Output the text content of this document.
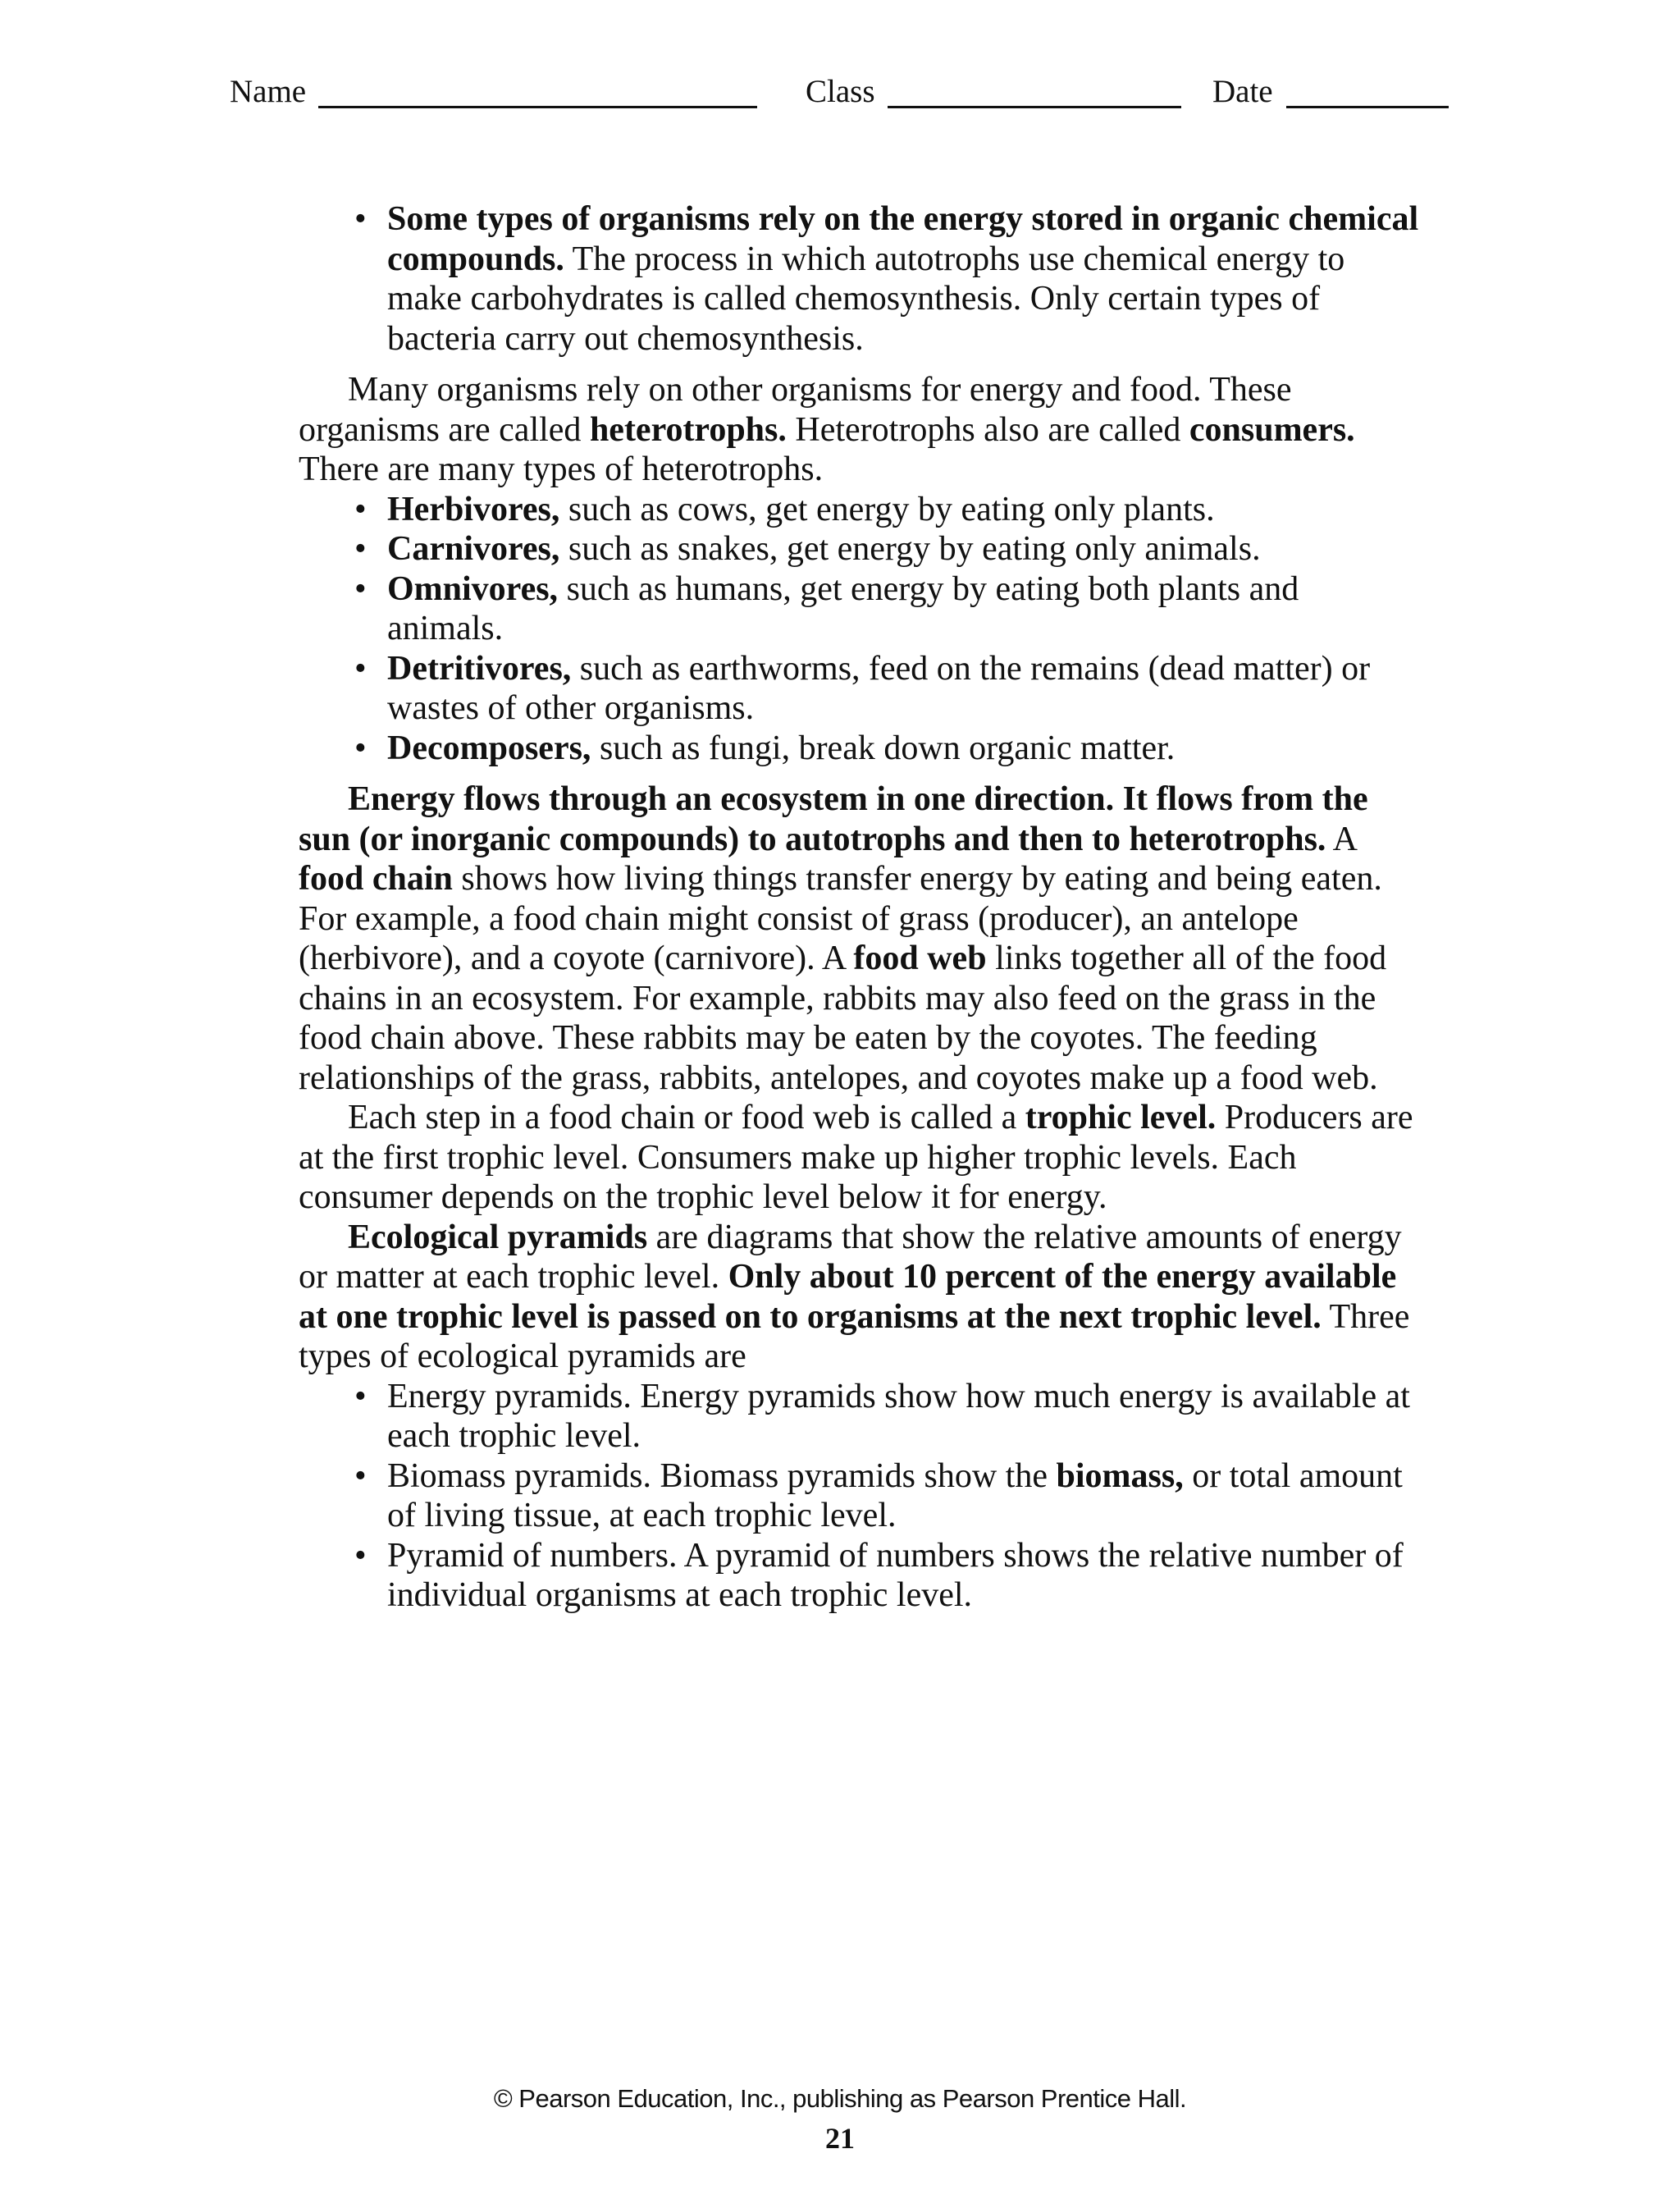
Name	Class	Date
• Some types of organisms rely on the energy stored in organic chemical compounds. The process in which autotrophs use chemical energy to make carbohydrates is called chemosynthesis. Only certain types of bacteria carry out chemosynthesis.

Many organisms rely on other organisms for energy and food. These organisms are called heterotrophs. Heterotrophs also are called consumers. There are many types of heterotrophs.

• Herbivores, such as cows, get energy by eating only plants.
• Carnivores, such as snakes, get energy by eating only animals.
• Omnivores, such as humans, get energy by eating both plants and animals.
• Detritivores, such as earthworms, feed on the remains (dead matter) or wastes of other organisms.
• Decomposers, such as fungi, break down organic matter.

Energy flows through an ecosystem in one direction. It flows from the sun (or inorganic compounds) to autotrophs and then to heterotrophs. A food chain shows how living things transfer energy by eating and being eaten. For example, a food chain might consist of grass (producer), an antelope (herbivore), and a coyote (carnivore). A food web links together all of the food chains in an ecosystem. For example, rabbits may also feed on the grass in the food chain above. These rabbits may be eaten by the coyotes. The feeding relationships of the grass, rabbits, antelopes, and coyotes make up a food web.

Each step in a food chain or food web is called a trophic level. Producers are at the first trophic level. Consumers make up higher trophic levels. Each consumer depends on the trophic level below it for energy.

Ecological pyramids are diagrams that show the relative amounts of energy or matter at each trophic level. Only about 10 percent of the energy available at one trophic level is passed on to organisms at the next trophic level. Three types of ecological pyramids are

• Energy pyramids. Energy pyramids show how much energy is available at each trophic level.
• Biomass pyramids. Biomass pyramids show the biomass, or total amount of living tissue, at each trophic level.
• Pyramid of numbers. A pyramid of numbers shows the relative number of individual organisms at each trophic level.
© Pearson Education, Inc., publishing as Pearson Prentice Hall.
21
